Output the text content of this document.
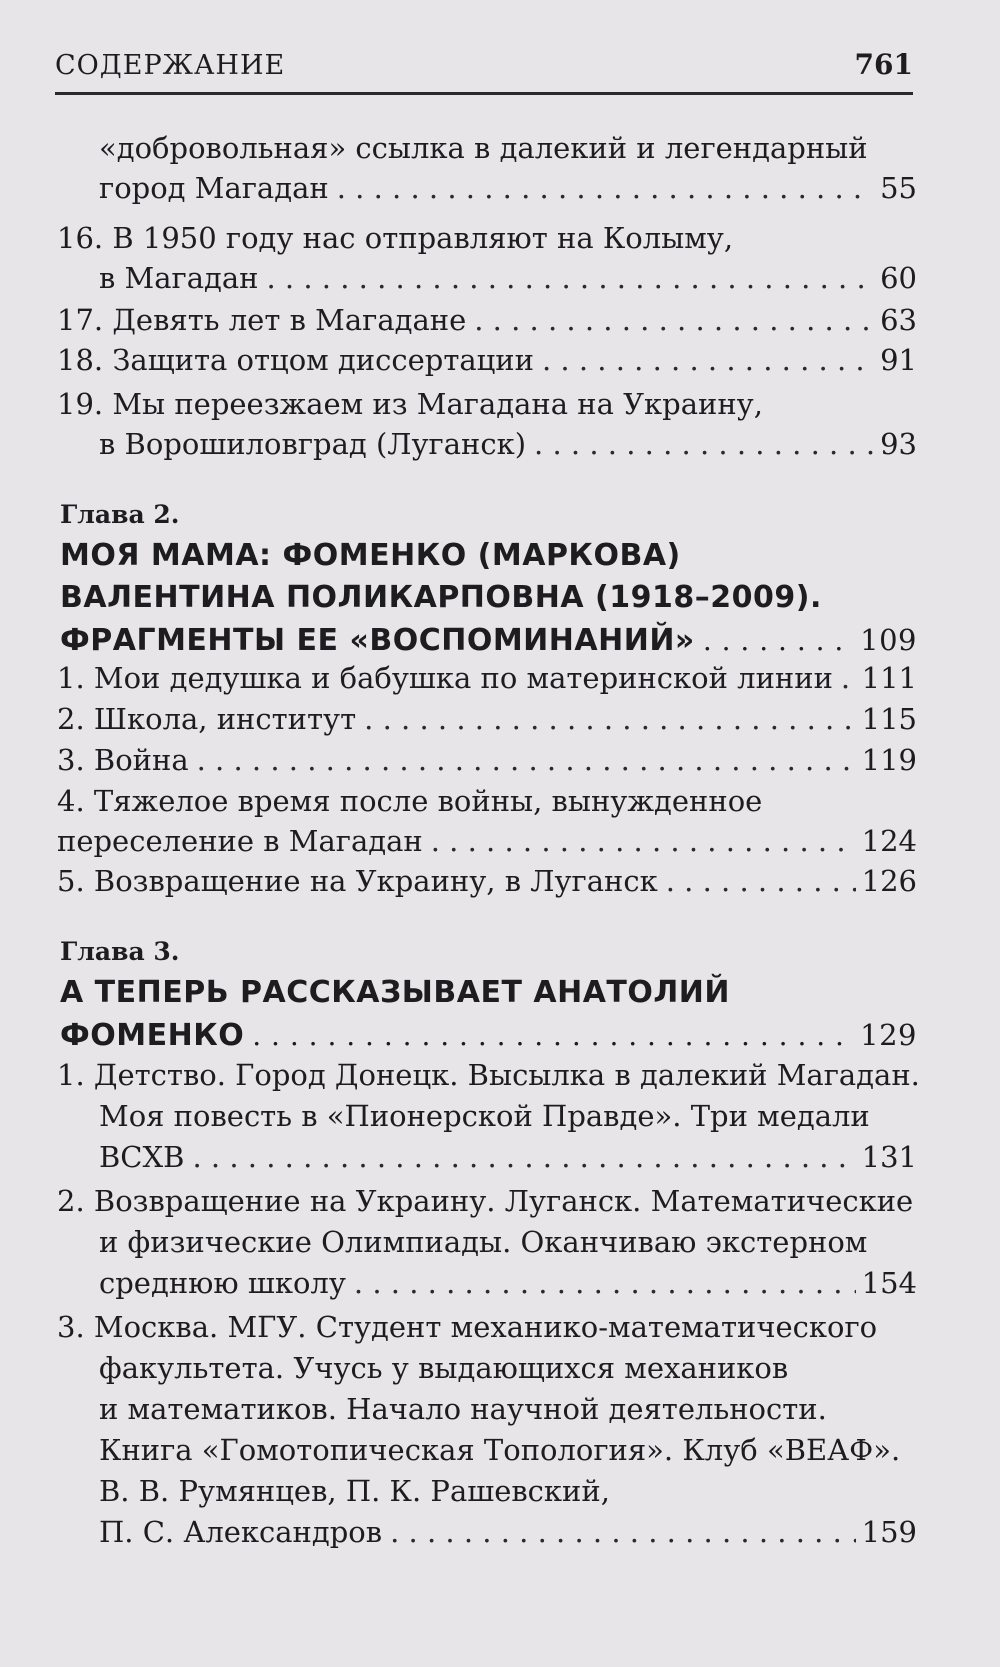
СОДЕРЖАНИЕ	761
«добровольная» ссылка в далекий и легендарный
город Магадан . . .	55
16. В 1950 году нас отправляют на Колыму,
в Магадан . . .	60
17. Девять лет в Магадане . . .	63
18. Защита отцом диссертации . . .	91
19. Мы переезжаем из Магадана на Украину,
в Ворошиловград (Луганск) . . .	93
Глава 2.
МОЯ МАМА: ФОМЕНКО (МАРКОВА)
ВАЛЕНТИНА ПОЛИКАРПОВНА (1918–2009).
ФРАГМЕНТЫ ЕЕ «ВОСПОМИНАНИЙ» . . .	109
1. Мои дедушка и бабушка по материнской линии . . . 111
2. Школа, институт . . .	115
3. Война . . .	119
4. Тяжелое время после войны, вынужденное
переселение в Магадан . . .	124
5. Возвращение на Украину, в Луганск . . .	126
Глава 3.
А ТЕПЕРЬ РАССКАЗЫВАЕТ АНАТОЛИЙ
ФОМЕНКО . . .	129
1. Детство. Город Донецк. Высылка в далекий Магадан.
Моя повесть в «Пионерской Правде». Три медали
ВСХВ . . .	131
2. Возвращение на Украину. Луганск. Математические
и физические Олимпиады. Оканчиваю экстерном
среднюю школу . . .	154
3. Москва. МГУ. Студент механико-математического
факультета. Учусь у выдающихся механиков
и математиков. Начало научной деятельности.
Книга «Гомотопическая Топология». Клуб «ВЕАФ».
В. В. Румянцев, П. К. Рашевский,
П. С. Александров . . .	159
